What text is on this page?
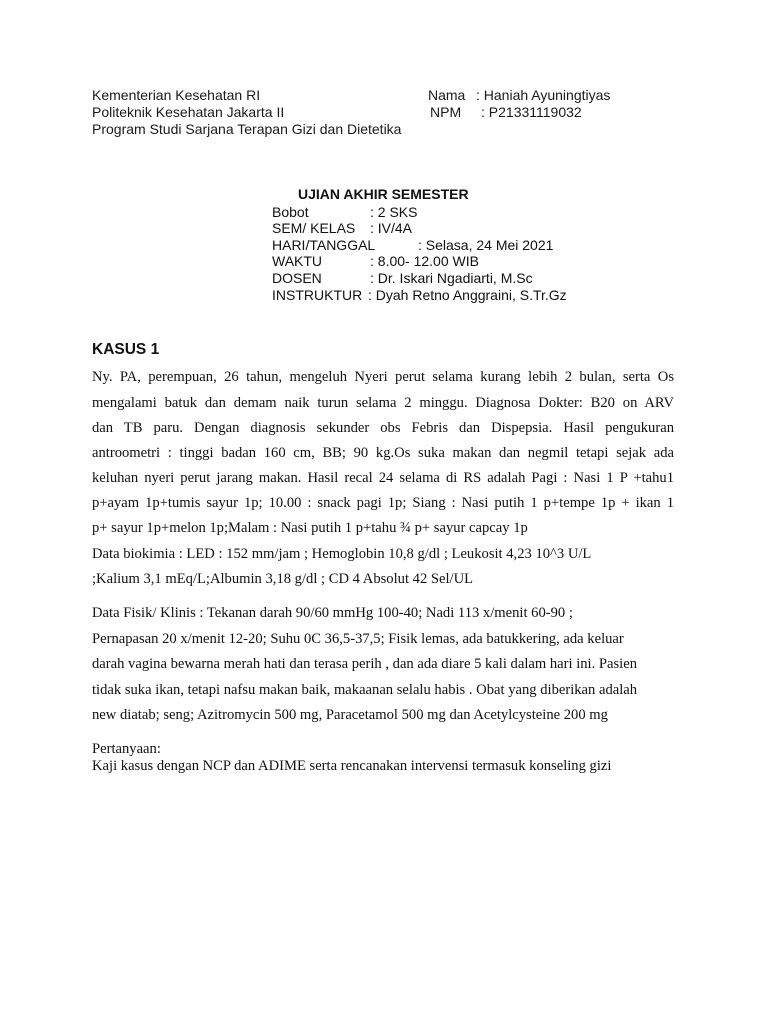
Kementerian Kesehatan RI
Politeknik Kesehatan Jakarta II
Program Studi Sarjana Terapan Gizi dan Dietetika
Nama : Haniah Ayuningtiyas
NPM : P21331119032
UJIAN AKHIR SEMESTER
Bobot	: 2 SKS
SEM/ KELAS : IV/4A
HARI/TANGGAL	: Selasa, 24 Mei 2021
WAKTU	: 8.00- 12.00 WIB
DOSEN	: Dr. Iskari Ngadiarti, M.Sc
INSTRUKTUR : Dyah Retno Anggraini, S.Tr.Gz
KASUS 1
Ny. PA, perempuan, 26 tahun, mengeluh Nyeri perut selama kurang lebih 2 bulan, serta Os
mengalami batuk dan demam naik turun selama 2 minggu. Diagnosa Dokter: B20 on ARV
dan TB paru. Dengan diagnosis sekunder obs Febris dan Dispepsia. Hasil pengukuran
antroometri : tinggi badan 160 cm, BB; 90 kg.Os suka makan dan negmil tetapi sejak ada
keluhan nyeri perut jarang makan. Hasil recal 24 selama di RS adalah Pagi : Nasi 1 P +tahu1
p+ayam 1p+tumis sayur 1p; 10.00 : snack pagi 1p; Siang : Nasi putih 1 p+tempe 1p + ikan 1
p+ sayur 1p+melon 1p;Malam : Nasi putih 1 p+tahu ¾ p+ sayur capcay 1p
Data biokimia : LED : 152 mm/jam ; Hemoglobin 10,8 g/dl ; Leukosit 4,23 10^3 U/L
;Kalium 3,1 mEq/L;Albumin 3,18 g/dl ; CD 4 Absolut 42 Sel/UL
Data Fisik/ Klinis : Tekanan darah 90/60 mmHg 100-40; Nadi 113 x/menit 60-90 ;
Pernapasan 20 x/menit 12-20; Suhu 0C 36,5-37,5; Fisik lemas, ada batukkering, ada keluar
darah vagina bewarna merah hati dan terasa perih , dan ada diare 5 kali dalam hari ini. Pasien
tidak suka ikan, tetapi nafsu makan baik, makaanan selalu habis . Obat yang diberikan adalah
new diatab; seng; Azitromycin 500 mg, Paracetamol 500 mg dan Acetylcysteine 200 mg
Pertanyaan:
Kaji kasus dengan NCP dan ADIME serta rencanakan intervensi termasuk konseling gizi
